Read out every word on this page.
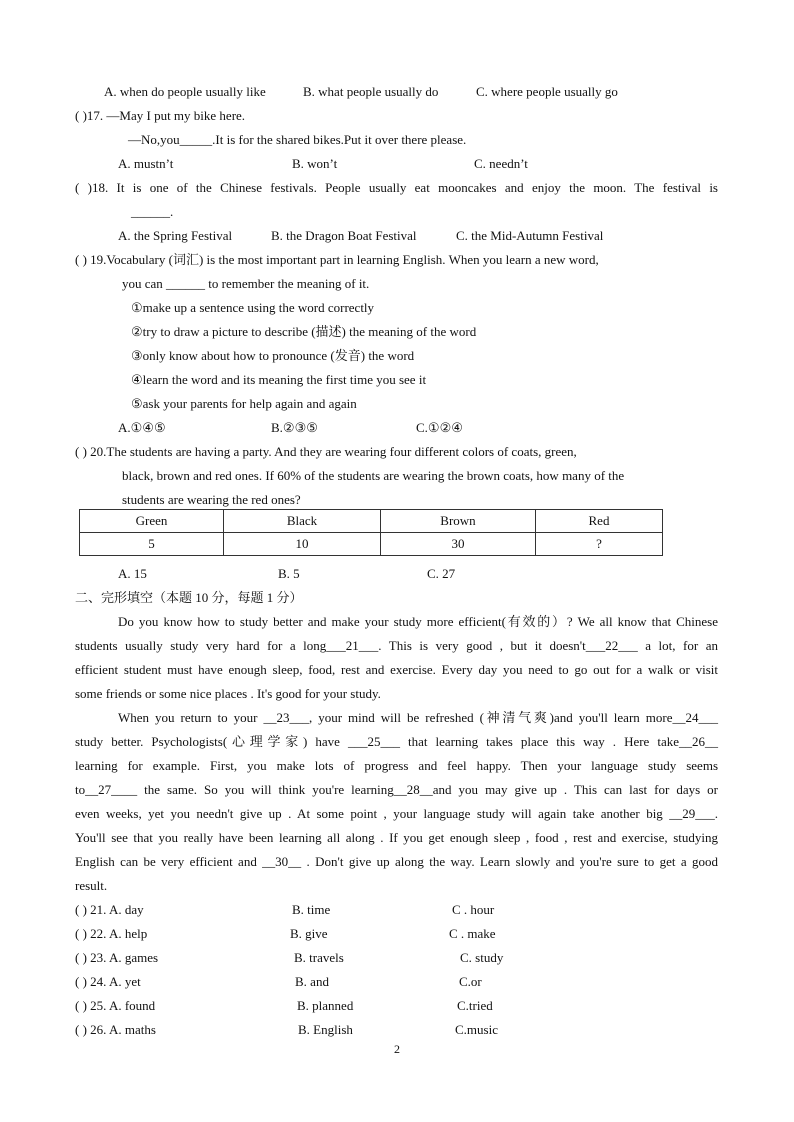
A. when do people usually like	B. what people usually do	C. where people usually go
( )17. —May I put my bike here.
—No,you_____.It is for the shared bikes.Put it over there please.
A. mustn’t	B. won’t	C. needn’t
( )18. It is one of the Chinese festivals. People usually eat mooncakes and enjoy the moon. The festival is
______.
A. the Spring Festival	B. the Dragon Boat Festival	C. the Mid-Autumn Festival
( ) 19.Vocabulary (词汇) is the most important part in learning English. When you learn a new word,
you can ______ to remember the meaning of it.
①make up a sentence using the word correctly
②try to draw a picture to describe (描述) the meaning of the word
③only know about how to pronounce (发音) the word
④learn the word and its meaning the first time you see it
⑤ask your parents for help again and again
A.①④⑤	B.②③⑤	C.①②④
( ) 20.The students are having a party. And they are wearing four different colors of coats, green,
black, brown and red ones. If 60% of the students are wearing the brown coats, how many of the
students are wearing the red ones?
Green	Black	Brown	Red
5	10	30	?
A. 15	B. 5	C. 27
二、完形填空（本题 10 分，每题 1 分）
Do you know how to study better and make your study more efficient(有效的）? We all know that Chinese
students usually study very hard for a long___21___. This is very good , but it doesn't___22___ a lot, for an
efficient student must have enough sleep, food, rest and exercise. Every day you need to go out for a walk or visit
some friends or some nice places . It's good for your study.
When you return to your __23___, your mind will be refreshed (神清气爽)and you'll learn more__24___
study better. Psychologists(心理学家) have ___25___ that learning takes place this way . Here take__26__
learning for example. First, you make lots of progress and feel happy. Then your language study seems
to__27____ the same. So you will think you're learning__28__and you may give up . This can last for days or
even weeks, yet you needn't give up . At some point , your language study will again take another big __29___.
You'll see that you really have been learning all along . If you get enough sleep , food , rest and exercise, studying
English can be very efficient and __30__ . Don't give up along the way. Learn slowly and you're sure to get a good
result.
( ) 21. A. day	B. time	C . hour
( ) 22. A. help	B. give	C . make
( ) 23. A. games	B. travels	C. study
( ) 24. A. yet	B. and	C.or
( ) 25. A. found	B. planned	C.tried
( ) 26. A. maths	B. English	C.music
2
